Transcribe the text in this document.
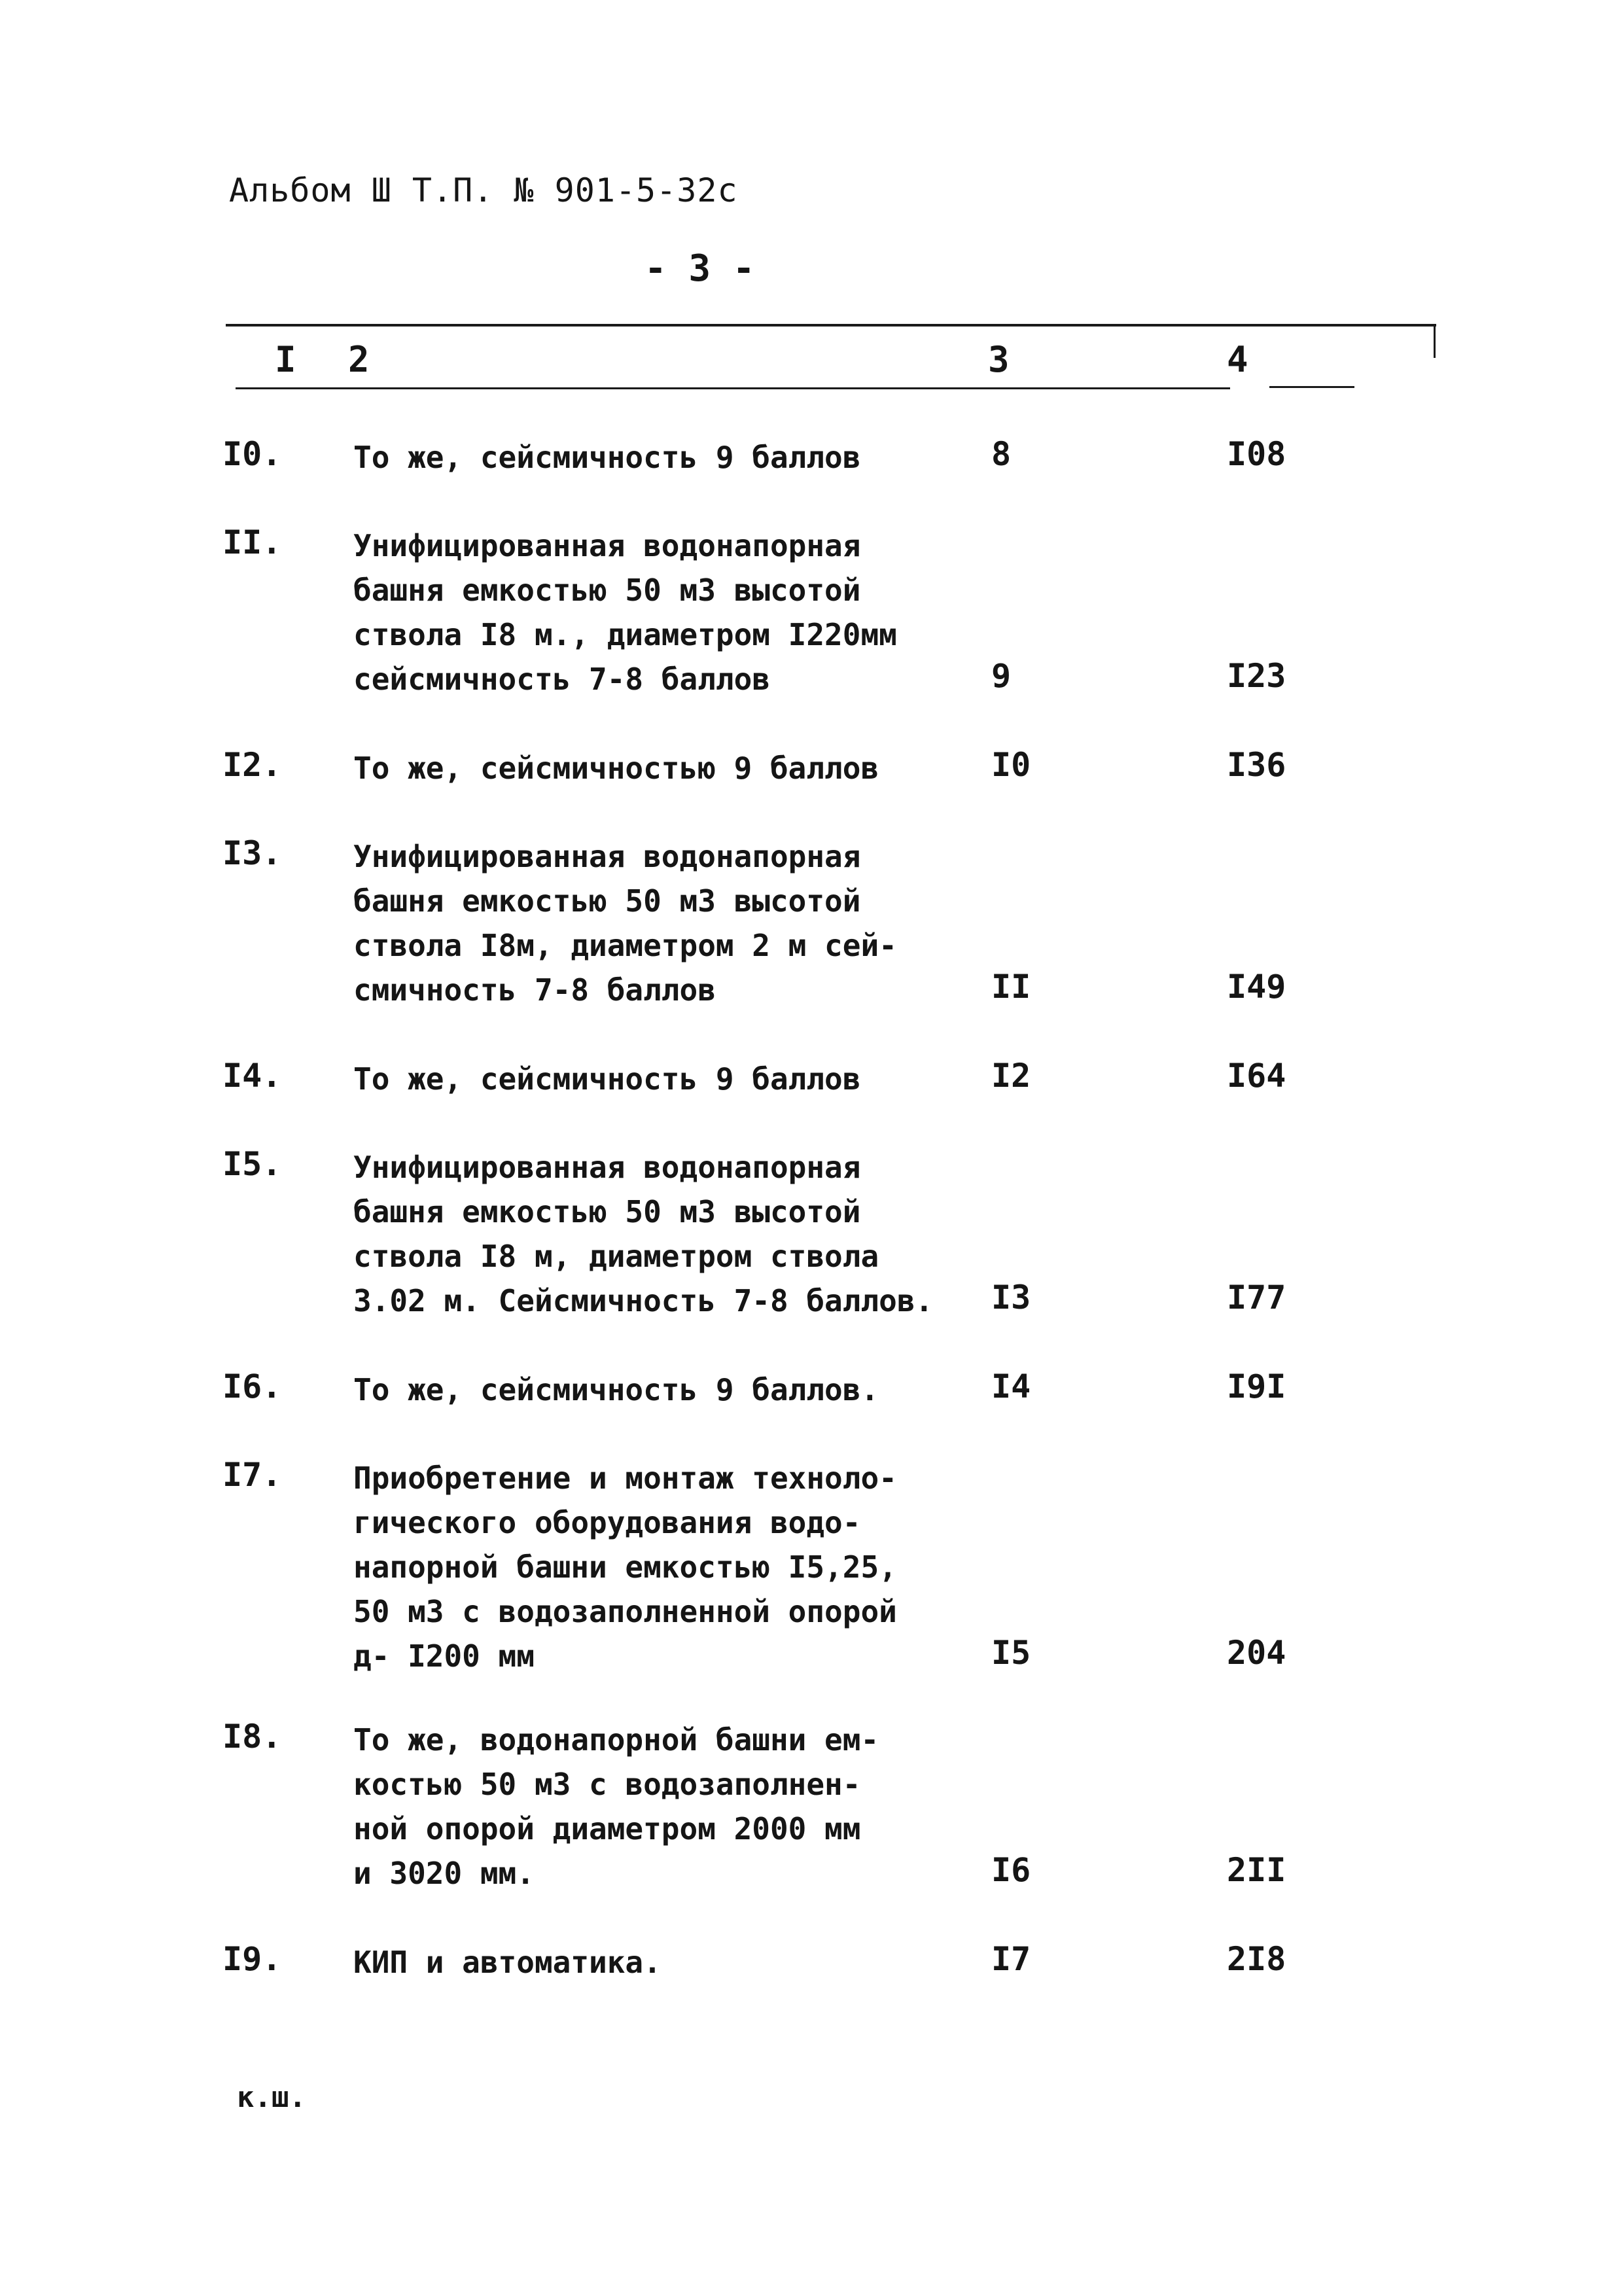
Альбом Ш Т.П. № 901-5-32с
- 3 -
I 2	3	4
I0. То же, сейсмичность 9 баллов	8	I08
II. Унифицированная водонапорная
башня емкостью 50 м3 высотой
ствола I8 м., диаметром I220мм
сейсмичность 7-8 баллов	9	I23
I2. То же, сейсмичностью 9 баллов	I0	I36
I3. Унифицированная водонапорная
башня емкостью 50 м3 высотой
ствола I8м, диаметром 2 м сей-
смичность 7-8 баллов	II	I49
I4. То же, сейсмичность 9 баллов	I2	I64
I5. Унифицированная водонапорная
башня емкостью 50 м3 высотой
ствола I8 м, диаметром ствола
3.02 м. Сейсмичность 7-8 баллов. I3	I77
I6. То же, сейсмичность 9 баллов.	I4	I9I
I7. Приобретение и монтаж техноло-
гического оборудования водо-
напорной башни емкостью I5,25,
50 м3 с водозаполненной опорой
д- I200 мм	I5	204
I8. То же, водонапорной башни ем-
костью 50 м3 с водозаполнен-
ной опорой диаметром 2000 мм
и 3020 мм.	I6	2II
I9. КИП и автоматика.	I7	2I8
к.ш.
